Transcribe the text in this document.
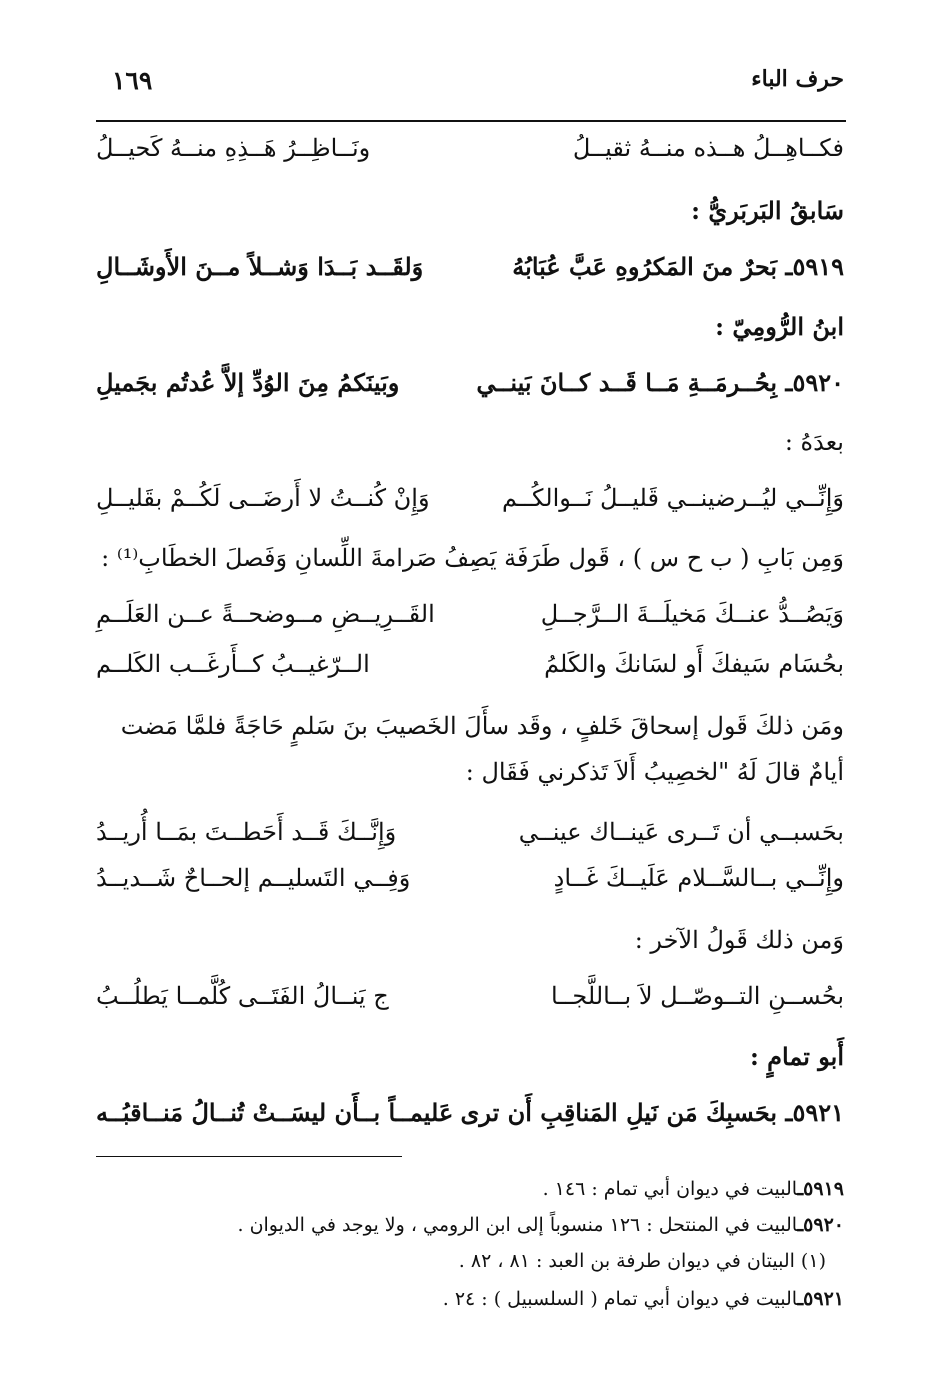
حرف الباء
١٦٩
فكــاهِــلُ هــذه منــهُ ثقيــلُ
ونَــاظِــرُ هَــذِهِ منــهُ كَحيــلُ
سَابقُ البَربَريُّ :
٥٩١٩ـ بَحرٌ منَ المَكرُوهِ عَبَّ عُبَابُهُ
وَلقَــد بَــدَا وَشــلاً مــنَ الأَوشَــالِ
ابنُ الرُّومِيّ :
٥٩٢٠ـ بِحُــرمَــةِ مَــا قَــد كــانَ بَينــي
وبَينَكمُ مِنَ الوُدِّ إلاَّ عُدتُم بجَميلِ
بعدَهُ :
وَإِنِّــي ليُــرضينــي قَليــلُ نَــوالكُــم
وَإِنْ كُنــتُ لا أَرضَــى لَكُــمْ بقَليــلِ
وَمِن بَابِ ( ب ح س ) ، قَول طَرَفَة يَصِفُ صَرامةَ اللِّسانِ وَفَصلَ الخطَابِ⁽¹⁾ :
وَيَصُــدُّ عنــكَ مَخيلَــةَ الــرَّجــلِ
القَــرِيــضِ مــوضحــةً عــن العَلَــمِ
بحُسَام سَيفكَ أَو لسَانكَ والكَلمُ
الــرّغيــبُ كــأَرغَــب الكَلــم
ومَن ذلكَ قَول إسحاقَ خَلفٍ ، وقَد سأَلَ الخَصيبَ بنَ سَلمٍ حَاجَةً فلمَّا مَضت
أيامٌ قالَ لَهُ "لخصِيبُ أَلاَ تَذكرني فَقَال :
بحَسبــي أن تَــرى عَينــاك عينــي
وَإِنَّــكَ قَــد أَحَطــتَ بمَــا أُريــدُ
وإِنِّــي بــالسَّــلام عَلَيــكَ غَــادٍ
وَفِــي التَسليــم إلحــاحٌ شَــديــدُ
وَمن ذلك قَولُ الآخر :
بحُســنِ التــوصّــل لاَ بــاللَّجــا
ج يَنــالُ الفَتَــى كُلَّمــا يَطلُــبُ
أَبو تمامٍ :
٥٩٢١ـ بحَسبِكَ مَن نَيلِ المَناقِبِ أَن ترى
عَليمــاً بــأَن ليسَــتْ تُنــالُ مَنــاقبُــه
٥٩١٩ـالبيت في ديوان أبي تمام : ١٤٦ .
٥٩٢٠ـالبيت في المنتحل : ١٢٦ منسوباً إلى ابن الرومي ، ولا يوجد في الديوان .
(١) البيتان في ديوان طرفة بن العبد : ٨١ ، ٨٢ .
٥٩٢١ـالبيت في ديوان أبي تمام ( السلسبيل ) : ٢٤ .
